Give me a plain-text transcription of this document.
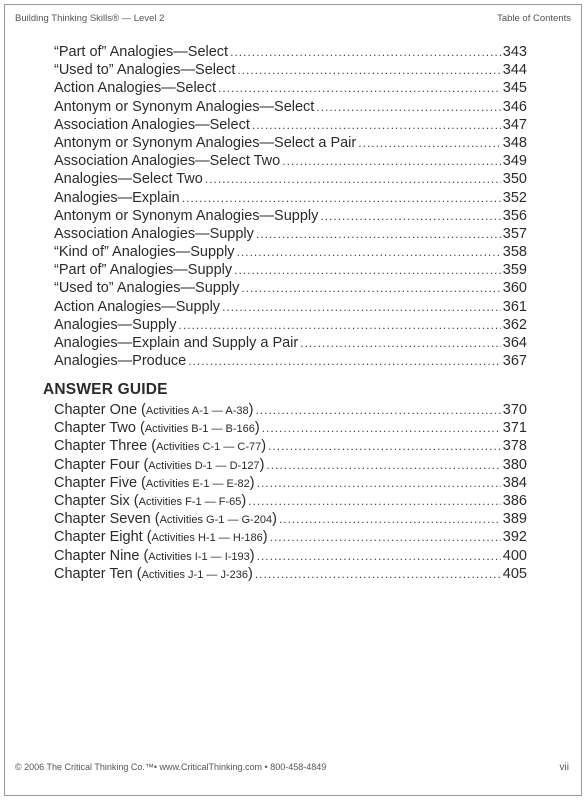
Building Thinking Skills® — Level 2	Table of Contents
“Part of” Analogies—Select .....	343
“Used to” Analogies—Select .....	344
Action Analogies—Select .....	345
Antonym or Synonym Analogies—Select .....	346
Association Analogies—Select .....	347
Antonym or Synonym Analogies—Select a Pair .....	348
Association Analogies—Select Two .....	349
Analogies—Select Two .....	350
Analogies—Explain .....	352
Antonym or Synonym Analogies—Supply .....	356
Association Analogies—Supply .....	357
“Kind of” Analogies—Supply .....	358
“Part of” Analogies—Supply .....	359
“Used to” Analogies—Supply .....	360
Action Analogies—Supply .....	361
Analogies—Supply .....	362
Analogies—Explain and Supply a Pair .....	364
Analogies—Produce .....	367
ANSWER GUIDE
Chapter One (Activities A-1 — A-38) .....	370
Chapter Two (Activities B-1 — B-166) .....	371
Chapter Three (Activities C-1 — C-77) .....	378
Chapter Four (Activities D-1 — D-127) .....	380
Chapter Five (Activities E-1 — E-82) .....	384
Chapter Six (Activities F-1 — F-65) .....	386
Chapter Seven (Activities G-1 — G-204) .....	389
Chapter Eight (Activities H-1 — H-186) .....	392
Chapter Nine (Activities I-1 — I-193) .....	400
Chapter Ten (Activities J-1 — J-236) .....	405
© 2006 The Critical Thinking Co.™• www.CriticalThinking.com • 800-458-4849	vii
